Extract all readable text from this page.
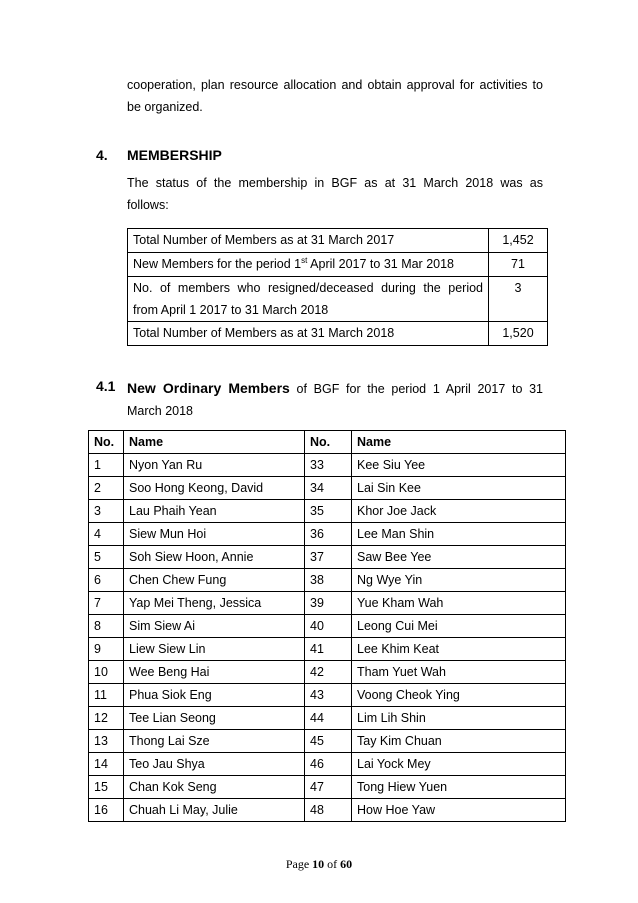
cooperation, plan resource allocation and obtain approval for activities to
be organized.
4. MEMBERSHIP
The status of the membership in BGF as at 31 March 2018 was as
follows:
Total Number of Members as at 31 March 2017	1,452
New Members for the period 1st April 2017 to 31 Mar 2018	71

No. of members who resigned/deceased during the period
from April 1 2017 to 31 March 2018	3
Total Number of Members as at 31 March 2018	1,520
4.1 New Ordinary Members of BGF for the period 1 April 2017 to 31
March 2018
No.	Name	No.	Name
1	Nyon Yan Ru	33	Kee Siu Yee
2	Soo Hong Keong, David	34	Lai Sin Kee
3	Lau Phaih Yean	35	Khor Joe Jack
4	Siew Mun Hoi	36	Lee Man Shin
5	Soh Siew Hoon, Annie	37	Saw Bee Yee
6	Chen Chew Fung	38	Ng Wye Yin
7	Yap Mei Theng, Jessica	39	Yue Kham Wah
8	Sim Siew Ai	40	Leong Cui Mei
9	Liew Siew Lin	41	Lee Khim Keat
10	Wee Beng Hai	42	Tham Yuet Wah
11	Phua Siok Eng	43	Voong Cheok Ying
12	Tee Lian Seong	44	Lim Lih Shin
13	Thong Lai Sze	45	Tay Kim Chuan
14	Teo Jau Shya	46	Lai Yock Mey
15	Chan Kok Seng	47	Tong Hiew Yuen
16	Chuah Li May, Julie	48	How Hoe Yaw
Page 10 of 60
